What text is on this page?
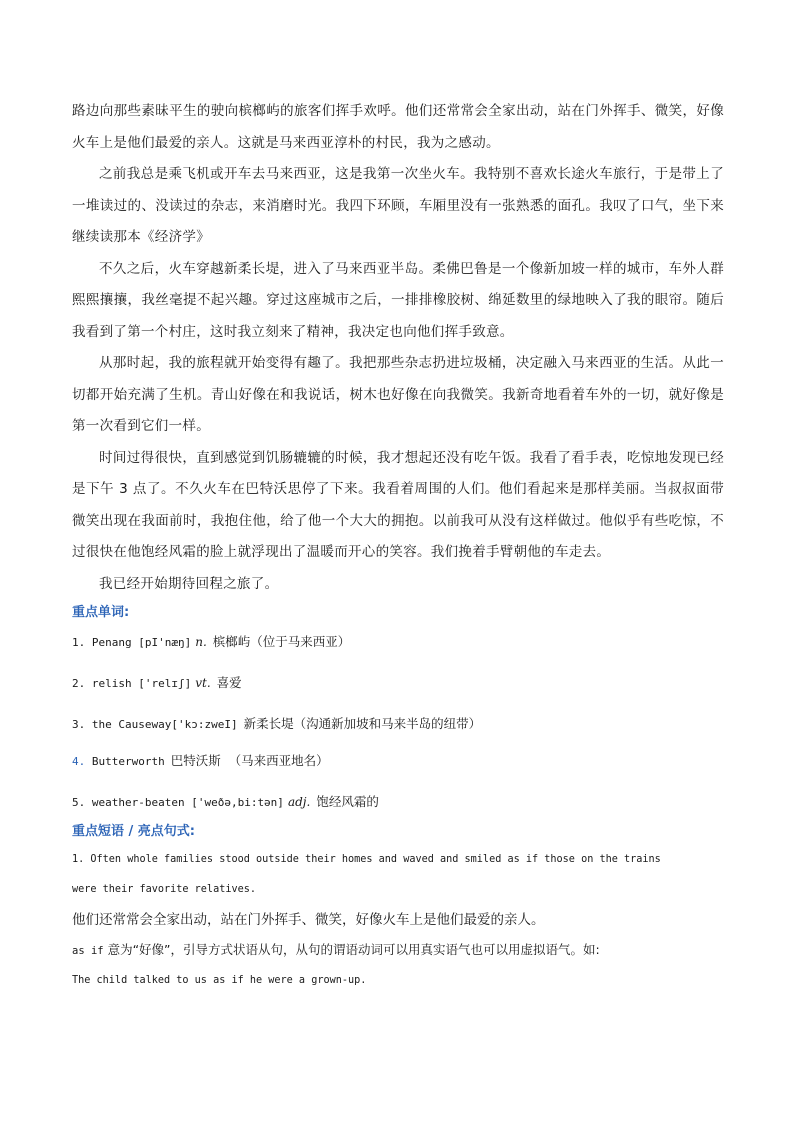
路边向那些素昧平生的驶向槟榔屿的旅客们挥手欢呼。他们还常常会全家出动，站在门外挥手、微笑，好像火车上是他们最爱的亲人。这就是马来西亚淳朴的村民，我为之感动。

之前我总是乘飞机或开车去马来西亚，这是我第一次坐火车。我特别不喜欢长途火车旅行，于是带上了一堆读过的、没读过的杂志，来消磨时光。我四下环顾，车厢里没有一张熟悉的面孔。我叹了口气，坐下来继续读那本《经济学》

不久之后，火车穿越新柔长堤，进入了马来西亚半岛。柔佛巴鲁是一个像新加坡一样的城市，车外人群熙熙攘攘，我丝毫提不起兴趣。穿过这座城市之后，一排排橡胶树、绵延数里的绿地映入了我的眼帘。随后我看到了第一个村庄，这时我立刻来了精神，我决定也向他们挥手致意。

从那时起，我的旅程就开始变得有趣了。我把那些杂志扔进垃圾桶，决定融入马来西亚的生活。从此一切都开始充满了生机。青山好像在和我说话，树木也好像在向我微笑。我新奇地看着车外的一切，就好像是第一次看到它们一样。

时间过得很快，直到感觉到饥肠辘辘的时候，我才想起还没有吃午饭。我看了看手表，吃惊地发现已经是下午 3 点了。不久火车在巴特沃思停了下来。我看着周围的人们。他们看起来是那样美丽。当叔叔面带微笑出现在我面前时，我抱住他，给了他一个大大的拥抱。以前我可从没有这样做过。他似乎有些吃惊，不过很快在他饱经风霜的脸上就浮现出了温暖而开心的笑容。我们挽着手臂朝他的车走去。

我已经开始期待回程之旅了。

重点单词:

1. Penang [pI'næŋ] n. 槟榔屿（位于马来西亚）

2. relish ['relɪʃ] vt. 喜爱

3. the Causeway['kɔ:zweI] 新柔长堤（沟通新加坡和马来半岛的纽带）

4. Butterworth 巴特沃斯  （马来西亚地名）

5. weather-beaten ['weðə,bi:tən] adj. 饱经风霜的

重点短语 / 亮点句式:

1. Often whole families stood outside their homes and waved and smiled as if those on the trains

were their favorite relatives.

他们还常常会全家出动，站在门外挥手、微笑，好像火车上是他们最爱的亲人。

as if 意为“好像”，引导方式状语从句，从句的谓语动词可以用真实语气也可以用虚拟语气。如:

The child talked to us as if he were a grown-up.
